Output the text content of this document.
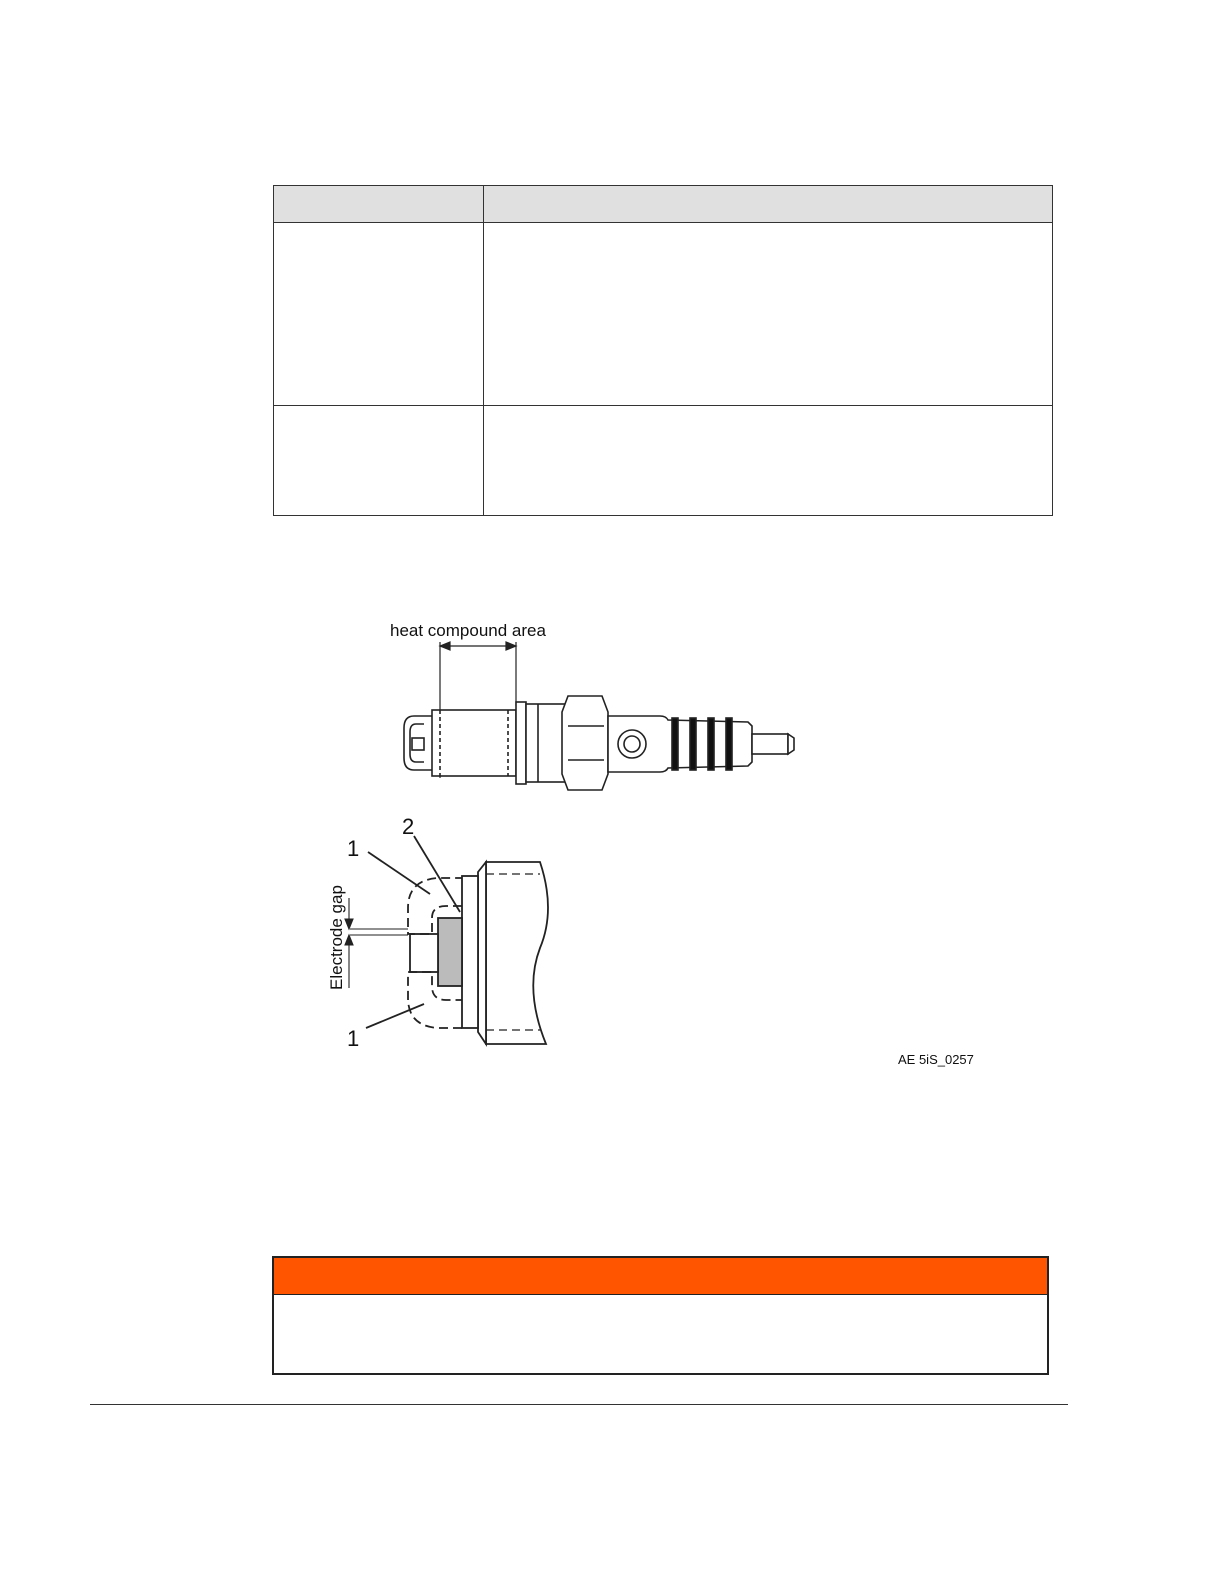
heat compound area
Electrode gap
1
2
1
AE 5iS_0257
